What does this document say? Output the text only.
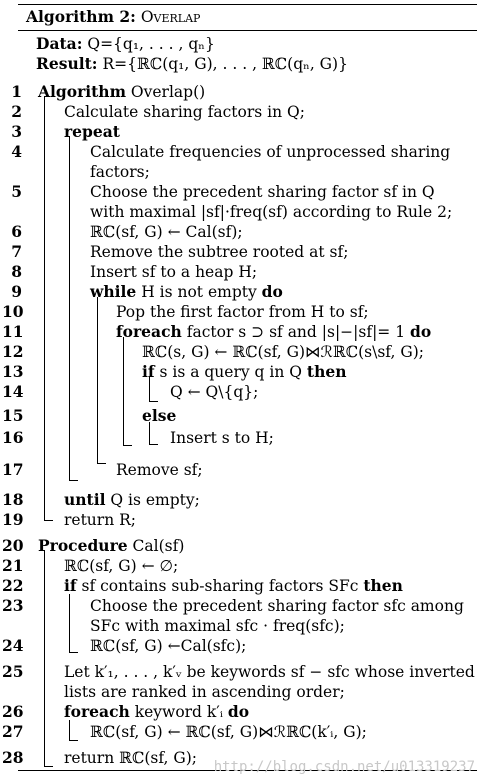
Algorithm 2: Overlap
Data: Q={q₁, . . . , qₙ}
Result: R={ℝℂ(q₁, G), . . . , ℝℂ(qₙ, G)}
1 Algorithm Overlap()
2	Calculate sharing factors in Q;
3	repeat
4	Calculate frequencies of unprocessed sharing
factors;
5	Choose the precedent sharing factor sf in Q
with maximal |sf|·freq(sf) according to Rule 2;
6	ℝℂ(sf, G) ← Cal(sf);
7	Remove the subtree rooted at sf;
8	Insert sf to a heap H;
9	while H is not empty do
10	Pop the first factor from H to sf;
11	foreach factor s ⊃ sf and |s|−|sf|= 1 do
12	ℝℂ(s, G) ← ℝℂ(sf, G)⋈ℛℝℂ(s\sf, G);
13	if s is a query q in Q then
14	Q ← Q\{q};
15	else
16	Insert s to H;
17	Remove sf;
18	until Q is empty;
19	return R;
20 Procedure Cal(sf)
21	ℝℂ(sf, G) ← ∅;
22	if sf contains sub-sharing factors SFc then
23	Choose the precedent sharing factor sfc among
SFc with maximal sfc · freq(sfc);
24	ℝℂ(sf, G) ←Cal(sfc);
25	Let k′₁, . . . , k′ᵥ be keywords sf − sfc whose inverted
lists are ranked in ascending order;
26	foreach keyword k′ᵢ do
27	ℝℂ(sf, G) ← ℝℂ(sf, G)⋈ℛℝℂ(k′ᵢ, G);
28	return ℝℂ(sf, G); http://blog.csdn.net/u013319237
